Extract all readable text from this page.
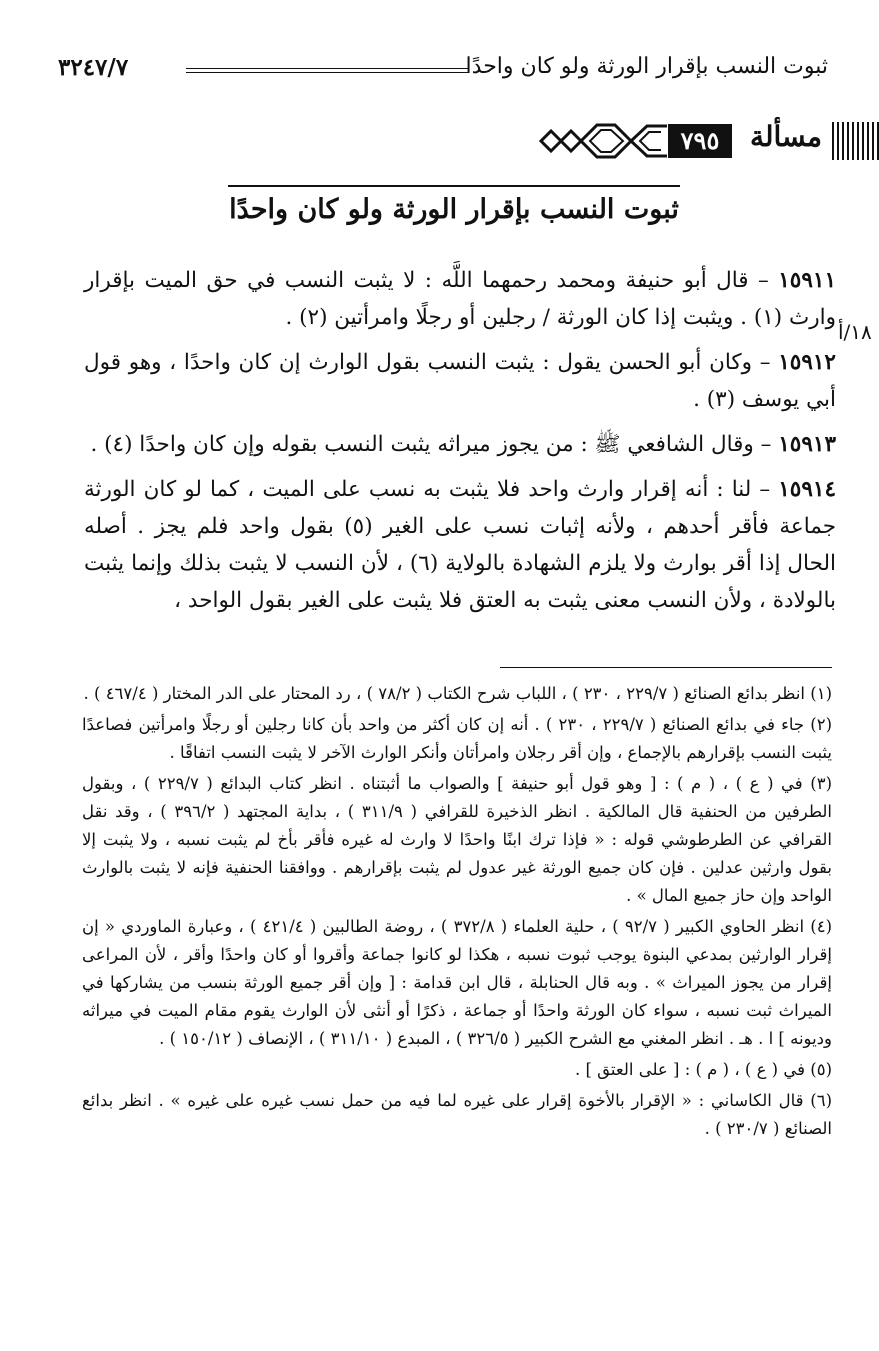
ثبوت النسب بإقرار الورثة ولو كان واحدًا
٣٢٤٧/٧
مسألة
٧٩٥
ثبوت النسب بإقرار الورثة ولو كان واحدًا
١٨/أ

١٥٩١١ – قال أبو حنيفة ومحمد رحمهما اللَّه : لا يثبت النسب في حق الميت بإقرار وارث (١) . ويثبت إذا كان الورثة / رجلين أو رجلًا وامرأتين (٢) .

١٥٩١٢ – وكان أبو الحسن يقول : يثبت النسب بقول الوارث إن كان واحدًا ، وهو قول أبي يوسف (٣) .

١٥٩١٣ – وقال الشافعي ﷺ : من يجوز ميراثه يثبت النسب بقوله وإن كان واحدًا (٤) .

١٥٩١٤ – لنا : أنه إقرار وارث واحد فلا يثبت به نسب على الميت ، كما لو كان الورثة جماعة فأقر أحدهم ، ولأنه إثبات نسب على الغير (٥) بقول واحد فلم يجز . أصله الحال إذا أقر بوارث ولا يلزم الشهادة بالولاية (٦) ، لأن النسب لا يثبت بذلك وإنما يثبت بالولادة ، ولأن النسب معنى يثبت به العتق فلا يثبت على الغير بقول الواحد ،

(١) انظر بدائع الصنائع ( ٢٢٩/٧ ، ٢٣٠ ) ، اللباب شرح الكتاب ( ٧٨/٢ ) ، رد المحتار على الدر المختار ( ٤٦٧/٤ ) .

(٢) جاء في بدائع الصنائع ( ٢٢٩/٧ ، ٢٣٠ ) . أنه إن كان أكثر من واحد بأن كانا رجلين أو رجلًا وامرأتين فصاعدًا يثبت النسب بإقرارهم بالإجماع ، وإن أقر رجلان وامرأتان وأنكر الوارث الآخر لا يثبت النسب اتفاقًا .

(٣) في ( ع ) ، ( م ) : [ وهو قول أبو حنيفة ] والصواب ما أثبتناه . انظر كتاب البدائع ( ٢٢٩/٧ ) ، وبقول الطرفين من الحنفية قال المالكية . انظر الذخيرة للقرافي ( ٣١١/٩ ) ، بداية المجتهد ( ٣٩٦/٢ ) ، وقد نقل القرافي عن الطرطوشي قوله : « فإذا ترك ابنًا واحدًا لا وارث له غيره فأقر بأخ لم يثبت نسبه ، ولا يثبت إلا بقول وارثين عدلين . فإن كان جميع الورثة غير عدول لم يثبت بإقرارهم . ووافقنا الحنفية فإنه لا يثبت بالوارث الواحد وإن حاز جميع المال » .

(٤) انظر الحاوي الكبير ( ٩٢/٧ ) ، حلية العلماء ( ٣٧٢/٨ ) ، روضة الطالبين ( ٤٢١/٤ ) ، وعبارة الماوردي « إن إقرار الوارثين بمدعي البنوة يوجب ثبوت نسبه ، هكذا لو كانوا جماعة وأقروا أو كان واحدًا وأقر ، لأن المراعى إقرار من يجوز الميراث » . وبه قال الحنابلة ، قال ابن قدامة : [ وإن أقر جميع الورثة بنسب من يشاركها في الميراث ثبت نسبه ، سواء كان الورثة واحدًا أو جماعة ، ذكرًا أو أنثى لأن الوارث يقوم مقام الميت في ميراثه وديونه ] ا . هـ . انظر المغني مع الشرح الكبير ( ٣٢٦/٥ ) ، المبدع ( ٣١١/١٠ ) ، الإنصاف ( ١٥٠/١٢ ) .

(٥) في ( ع ) ، ( م ) : [ على العتق ] .

(٦) قال الكاساني : « الإقرار بالأخوة إقرار على غيره لما فيه من حمل نسب غيره على غيره » . انظر بدائع الصنائع ( ٢٣٠/٧ ) .
